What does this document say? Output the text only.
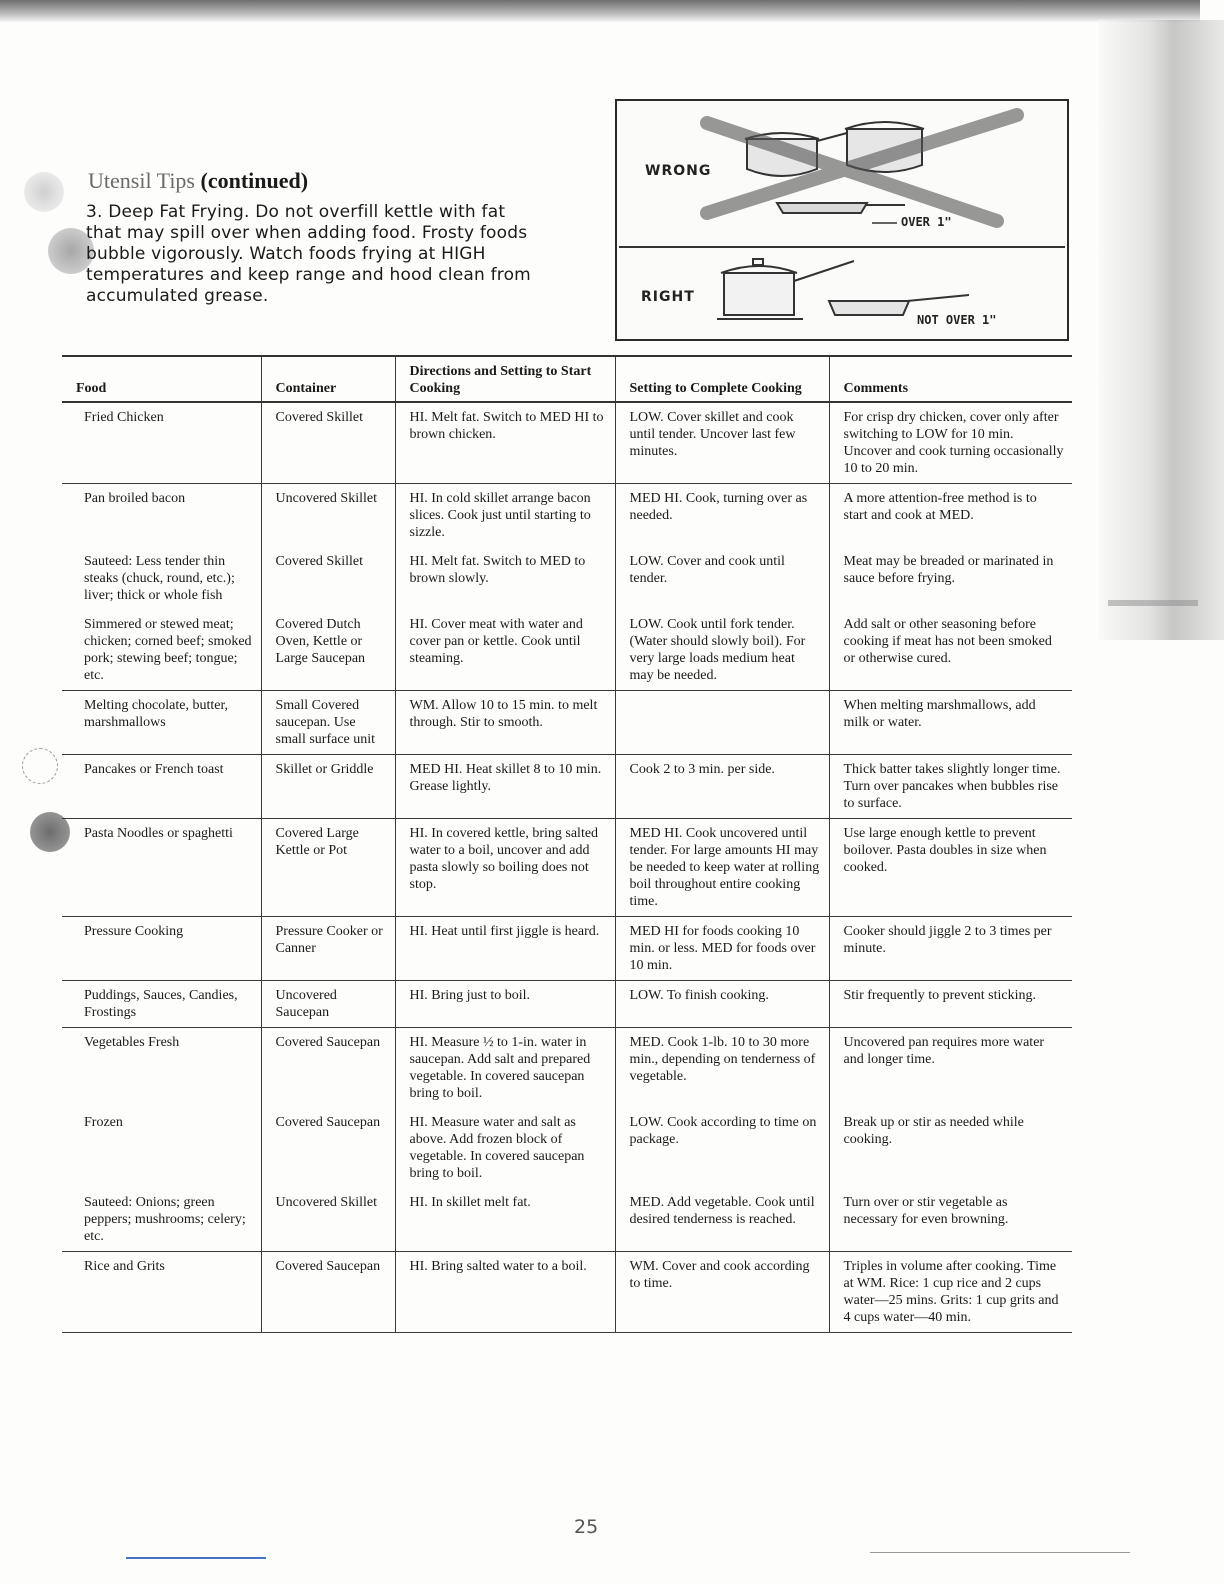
Utensil Tips (continued)
3. Deep Fat Frying. Do not overfill kettle with fat that may spill over when adding food. Frosty foods bubble vigorously. Watch foods frying at HIGH temperatures and keep range and hood clean from accumulated grease.
WRONG
RIGHT
OVER 1"
NOT OVER 1"
Food	Container	Directions and Setting to Start Cooking	Setting to Complete Cooking	Comments
Fried Chicken	Covered Skillet	HI. Melt fat. Switch to MED HI to brown chicken.	LOW. Cover skillet and cook until tender. Uncover last few minutes.	For crisp dry chicken, cover only after switching to LOW for 10 min. Uncover and cook turning occasionally 10 to 20 min.
Pan broiled bacon	Uncovered Skillet	HI. In cold skillet arrange bacon slices. Cook just until starting to sizzle.	MED HI. Cook, turning over as needed.	A more attention-free method is to start and cook at MED.
Sauteed: Less tender thin steaks (chuck, round, etc.); liver; thick or whole fish	Covered Skillet	HI. Melt fat. Switch to MED to brown slowly.	LOW. Cover and cook until tender.	Meat may be breaded or marinated in sauce before frying.
Simmered or stewed meat; chicken; corned beef; smoked pork; stewing beef; tongue; etc.	Covered Dutch Oven, Kettle or Large Saucepan	HI. Cover meat with water and cover pan or kettle. Cook until steaming.	LOW. Cook until fork tender. (Water should slowly boil). For very large loads medium heat may be needed.	Add salt or other seasoning before cooking if meat has not been smoked or otherwise cured.
Melting chocolate, butter, marshmallows	Small Covered saucepan. Use small surface unit	WM. Allow 10 to 15 min. to melt through. Stir to smooth.		When melting marshmallows, add milk or water.
Pancakes or French toast	Skillet or Griddle	MED HI. Heat skillet 8 to 10 min. Grease lightly.	Cook 2 to 3 min. per side.	Thick batter takes slightly longer time. Turn over pancakes when bubbles rise to surface.
Pasta Noodles or spaghetti	Covered Large Kettle or Pot	HI. In covered kettle, bring salted water to a boil, uncover and add pasta slowly so boiling does not stop.	MED HI. Cook uncovered until tender. For large amounts HI may be needed to keep water at rolling boil throughout entire cooking time.	Use large enough kettle to prevent boilover. Pasta doubles in size when cooked.
Pressure Cooking	Pressure Cooker or Canner	HI. Heat until first jiggle is heard.	MED HI for foods cooking 10 min. or less. MED for foods over 10 min.	Cooker should jiggle 2 to 3 times per minute.
Puddings, Sauces, Candies, Frostings	Uncovered Saucepan	HI. Bring just to boil.	LOW. To finish cooking.	Stir frequently to prevent sticking.
Vegetables Fresh	Covered Saucepan	HI. Measure ½ to 1-in. water in saucepan. Add salt and prepared vegetable. In covered saucepan bring to boil.	MED. Cook 1-lb. 10 to 30 more min., depending on tenderness of vegetable.	Uncovered pan requires more water and longer time.
Frozen	Covered Saucepan	HI. Measure water and salt as above. Add frozen block of vegetable. In covered saucepan bring to boil.	LOW. Cook according to time on package.	Break up or stir as needed while cooking.
Sauteed: Onions; green peppers; mushrooms; celery; etc.	Uncovered Skillet	HI. In skillet melt fat.	MED. Add vegetable. Cook until desired tenderness is reached.	Turn over or stir vegetable as necessary for even browning.
Rice and Grits	Covered Saucepan	HI. Bring salted water to a boil.	WM. Cover and cook according to time.	Triples in volume after cooking. Time at WM. Rice: 1 cup rice and 2 cups water—25 mins. Grits: 1 cup grits and 4 cups water—40 min.
25
